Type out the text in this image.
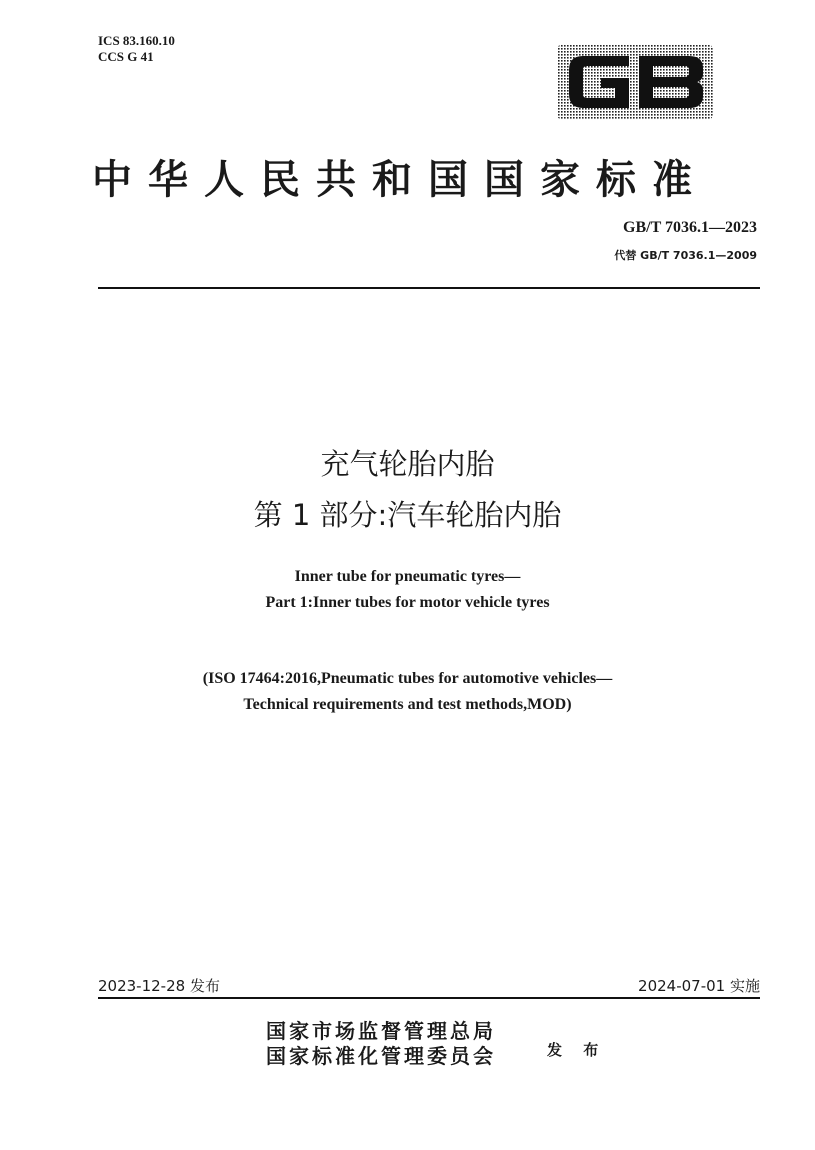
ICS 83.160.10
CCS G 41
中华人民共和国国家标准
GB/T 7036.1—2023
代替 GB/T 7036.1—2009
充气轮胎内胎
第 1 部分:汽车轮胎内胎
Inner tube for pneumatic tyres—
Part 1:Inner tubes for motor vehicle tyres
(ISO 17464:2016,Pneumatic tubes for automotive vehicles—
Technical requirements and test methods,MOD)
2023-12-28 发布	2024-07-01 实施
国家市场监督管理总局
国家标准化管理委员会	发 布
